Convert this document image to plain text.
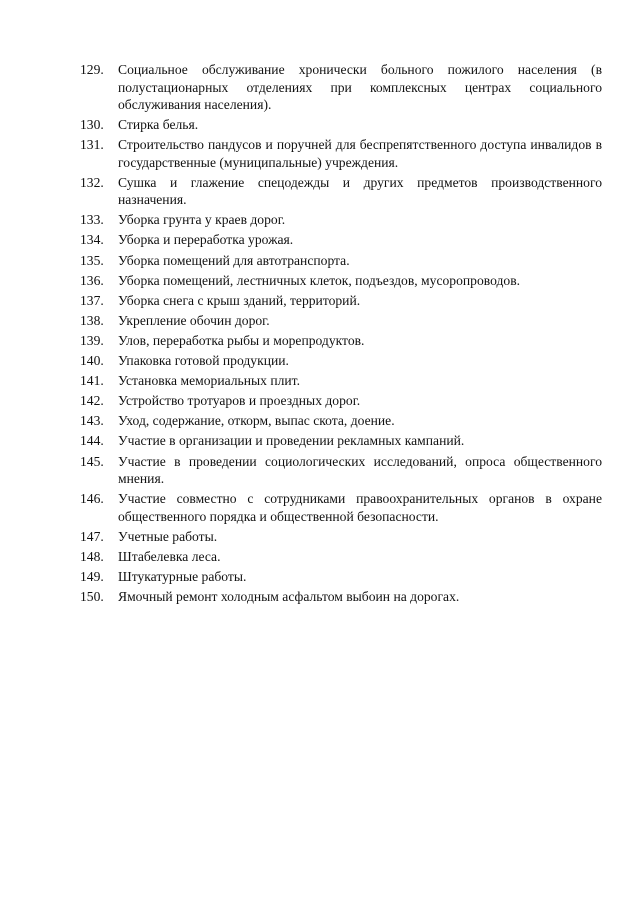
129.	Социальное обслуживание хронически больного пожилого населения (в полустационарных отделениях при комплексных центрах социального обслуживания населения).
130.	Стирка белья.
131.	Строительство пандусов и поручней для беспрепятственного доступа инвалидов в государственные (муниципальные) учреждения.
132.	Сушка и глажение спецодежды и других предметов производственного назначения.
133.	Уборка грунта у краев дорог.
134.	Уборка и переработка урожая.
135.	Уборка помещений для автотранспорта.
136.	Уборка помещений, лестничных клеток, подъездов, мусоропроводов.
137.	Уборка снега с крыш зданий, территорий.
138.	Укрепление обочин дорог.
139.	Улов, переработка рыбы и морепродуктов.
140.	Упаковка готовой продукции.
141.	Установка мемориальных плит.
142.	Устройство тротуаров и проездных дорог.
143.	Уход, содержание, откорм, выпас скота, доение.
144.	Участие в организации и проведении рекламных кампаний.
145.	Участие в проведении социологических исследований, опроса общественного мнения.
146.	Участие совместно с сотрудниками правоохранительных органов в охране общественного порядка и общественной безопасности.
147.	Учетные работы.
148.	Штабелевка леса.
149.	Штукатурные работы.
150.	Ямочный ремонт холодным асфальтом выбоин на дорогах.
